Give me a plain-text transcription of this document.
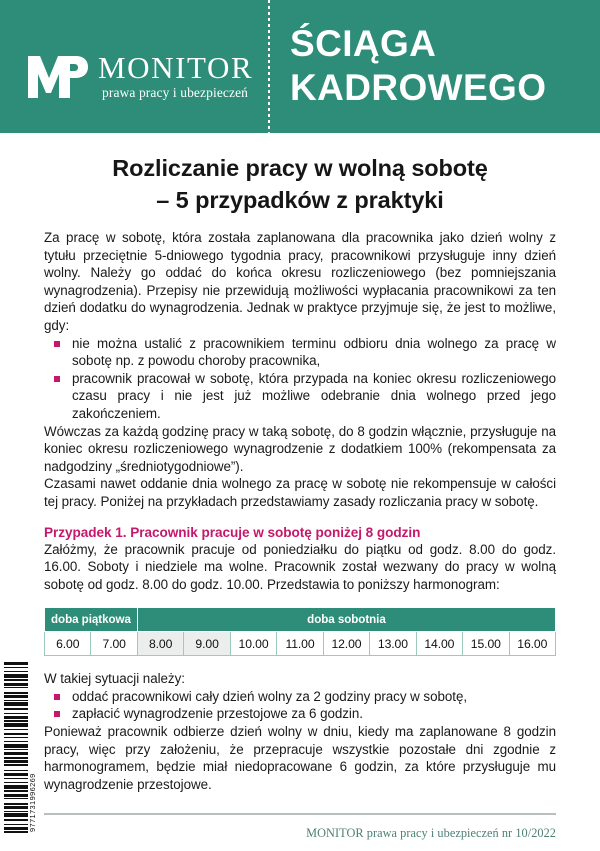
MONITOR
prawa pracy i ubezpieczeń
ŚCIĄGA
KADROWEGO
Rozliczanie pracy w wolną sobotę
– 5 przypadków z praktyki

Za pracę w sobotę, która została zaplanowana dla pracownika jako dzień wolny z tytułu przeciętnie 5-dniowego tygodnia pracy, pracownikowi przysługuje inny dzień wolny. Należy go oddać do końca okresu rozliczeniowego (bez pomniejszania wynagrodzenia). Przepisy nie przewidują możliwości wypłacania pracownikowi za ten dzień dodatku do wynagrodzenia. Jednak w praktyce przyjmuje się, że jest to możliwe, gdy:

nie można ustalić z pracownikiem terminu odbioru dnia wolnego za pracę w sobotę np. z powodu choroby pracownika,
pracownik pracował w sobotę, która przypada na koniec okresu rozliczeniowego czasu pracy i nie jest już możliwe odebranie dnia wolnego przed jego zakończeniem.

Wówczas za każdą godzinę pracy w taką sobotę, do 8 godzin włącznie, przysługuje na koniec okresu rozliczeniowego wynagrodzenie z dodatkiem 100% (rekompensata za nadgodziny „średniotygodniowe”).

Czasami nawet oddanie dnia wolnego za pracę w sobotę nie rekompensuje w całości tej pracy. Poniżej na przykładach przedstawiamy zasady rozliczania pracy w sobotę.

Przypadek 1. Pracownik pracuje w sobotę poniżej 8 godzin

Załóżmy, że pracownik pracuje od poniedziałku do piątku od godz. 8.00 do godz. 16.00. Soboty i niedziele ma wolne. Pracownik został wezwany do pracy w wolną sobotę od godz. 8.00 do godz. 10.00. Przedstawia to poniższy harmonogram:

doba piątkowa		doba sobotnia								
6.00	7.00	8.00	9.00	10.00	11.00	12.00	13.00	14.00	15.00	16.00

W takiej sytuacji należy:

oddać pracownikowi cały dzień wolny za 2 godziny pracy w sobotę,
zapłacić wynagrodzenie przestojowe za 6 godzin.

Ponieważ pracownik odbierze dzień wolny w dniu, kiedy ma zaplanowane 8 godzin pracy, więc przy założeniu, że przepracuje wszystkie pozostałe dni zgodnie z harmonogramem, będzie miał niedopracowane 6 godzin, za które przysługuje mu wynagrodzenie przestojowe.

9771731996269
MONITOR prawa pracy i ubezpieczeń nr 10/2022
